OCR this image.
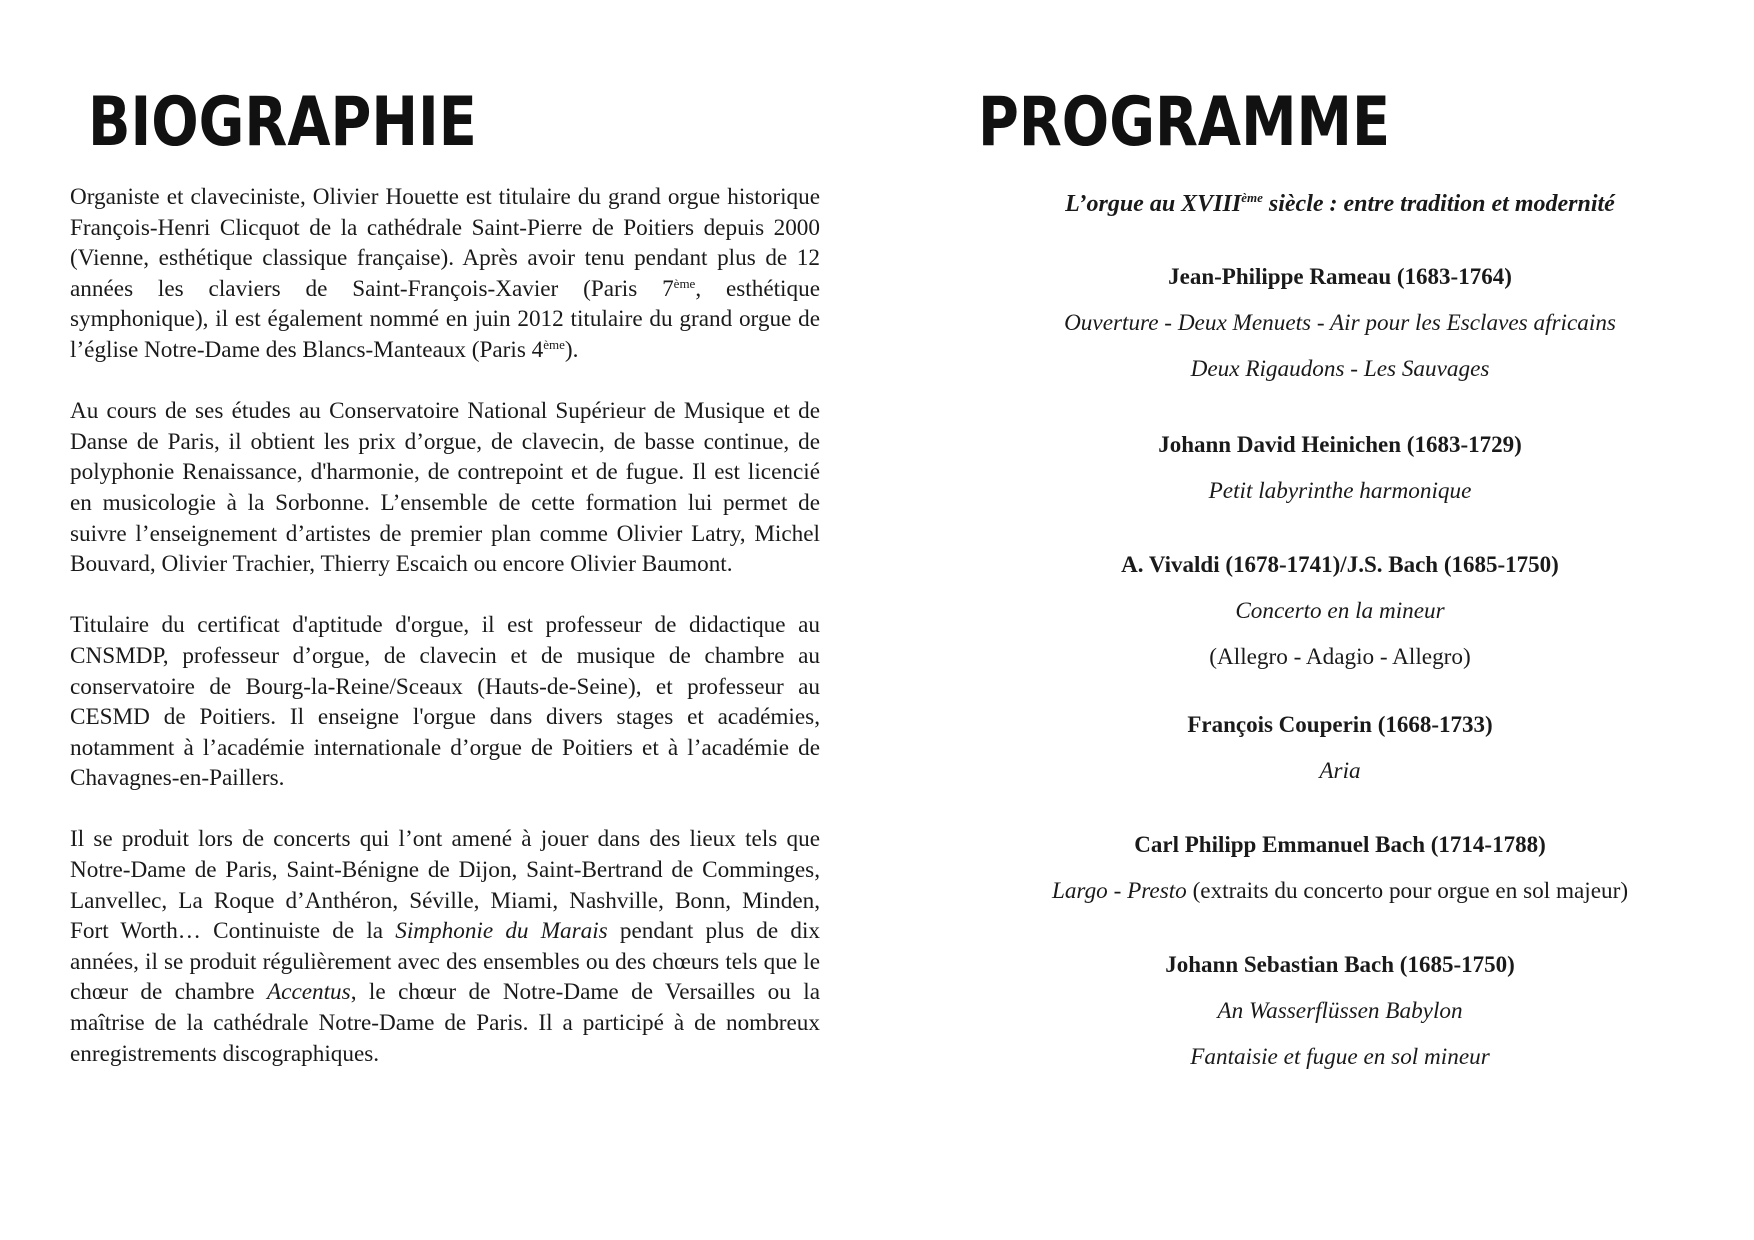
BIOGRAPHIE	PROGRAMME

Organiste et claveciniste, Olivier Houette est titulaire du grand orgue historique François-Henri Clicquot de la cathédrale Saint-Pierre de Poitiers depuis 2000 (Vienne, esthétique classique française). Après avoir tenu pendant plus de 12 années les claviers de Saint-François-Xavier (Paris 7ème, esthétique symphonique), il est également nommé en juin 2012 titulaire du grand orgue de l’église Notre-Dame des Blancs-Manteaux (Paris 4ème).

Au cours de ses études au Conservatoire National Supérieur de Musique et de Danse de Paris, il obtient les prix d’orgue, de clavecin, de basse continue, de polyphonie Renaissance, d'harmonie, de contrepoint et de fugue. Il est licencié en musicologie à la Sorbonne. L’ensemble de cette formation lui permet de suivre l’enseignement d’artistes de premier plan comme Olivier Latry, Michel Bouvard, Olivier Trachier, Thierry Escaich ou encore Olivier Baumont.

Titulaire du certificat d'aptitude d'orgue, il est professeur de didactique au CNSMDP, professeur d’orgue, de clavecin et de musique de chambre au conservatoire de Bourg-la-Reine/Sceaux (Hauts-de-Seine), et professeur au CESMD de Poitiers. Il enseigne l'orgue dans divers stages et académies, notamment à l’académie internationale d’orgue de Poitiers et à l’académie de Chavagnes-en-Paillers.

Il se produit lors de concerts qui l’ont amené à jouer dans des lieux tels que Notre-Dame de Paris, Saint-Bénigne de Dijon, Saint-Bertrand de Comminges, Lanvellec, La Roque d’Anthéron, Séville, Miami, Nashville, Bonn, Minden, Fort Worth… Continuiste de la Simphonie du Marais pendant plus de dix années, il se produit régulièrement avec des ensembles ou des chœurs tels que le chœur de chambre Accentus, le chœur de Notre-Dame de Versailles ou la maîtrise de la cathédrale Notre-Dame de Paris. Il a participé à de nombreux enregistrements discographiques.

L’orgue au XVIIIème siècle : entre tradition et modernité

Jean-Philippe Rameau (1683-1764)

Ouverture - Deux Menuets - Air pour les Esclaves africains

Deux Rigaudons - Les Sauvages

Johann David Heinichen (1683-1729)

Petit labyrinthe harmonique

A. Vivaldi (1678-1741)/J.S. Bach (1685-1750)

Concerto en la mineur

(Allegro - Adagio - Allegro)

François Couperin (1668-1733)

Aria

Carl Philipp Emmanuel Bach (1714-1788)

Largo - Presto (extraits du concerto pour orgue en sol majeur)

Johann Sebastian Bach (1685-1750)

An Wasserflüssen Babylon

Fantaisie et fugue en sol mineur
